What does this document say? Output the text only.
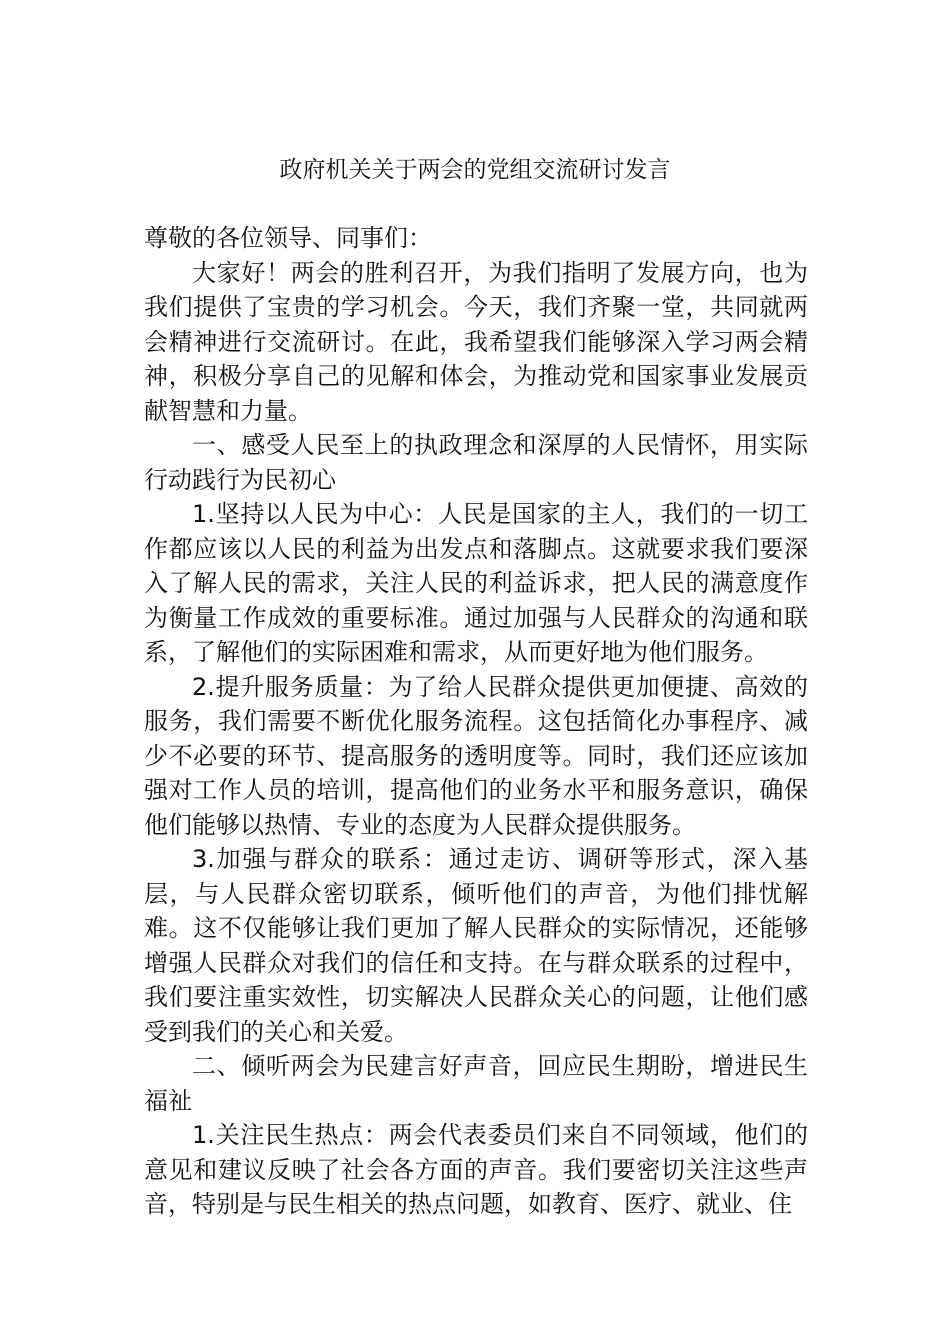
政府机关关于两会的党组交流研讨发言

尊敬的各位领导、同事们：

大家好！两会的胜利召开，为我们指明了发展方向，也为我们提供了宝贵的学习机会。今天，我们齐聚一堂，共同就两会精神进行交流研讨。在此，我希望我们能够深入学习两会精神，积极分享自己的见解和体会，为推动党和国家事业发展贡献智慧和力量。

一、感受人民至上的执政理念和深厚的人民情怀，用实际行动践行为民初心

1.坚持以人民为中心：人民是国家的主人，我们的一切工作都应该以人民的利益为出发点和落脚点。这就要求我们要深入了解人民的需求，关注人民的利益诉求，把人民的满意度作为衡量工作成效的重要标准。通过加强与人民群众的沟通和联系，了解他们的实际困难和需求，从而更好地为他们服务。

2.提升服务质量：为了给人民群众提供更加便捷、高效的服务，我们需要不断优化服务流程。这包括简化办事程序、减少不必要的环节、提高服务的透明度等。同时，我们还应该加强对工作人员的培训，提高他们的业务水平和服务意识，确保他们能够以热情、专业的态度为人民群众提供服务。

3.加强与群众的联系：通过走访、调研等形式，深入基层，与人民群众密切联系，倾听他们的声音，为他们排忧解难。这不仅能够让我们更加了解人民群众的实际情况，还能够增强人民群众对我们的信任和支持。在与群众联系的过程中，我们要注重实效性，切实解决人民群众关心的问题，让他们感受到我们的关心和关爱。

二、倾听两会为民建言好声音，回应民生期盼，增进民生福祉

1.关注民生热点：两会代表委员们来自不同领域，他们的意见和建议反映了社会各方面的声音。我们要密切关注这些声音，特别是与民生相关的热点问题，如教育、医疗、就业、住
